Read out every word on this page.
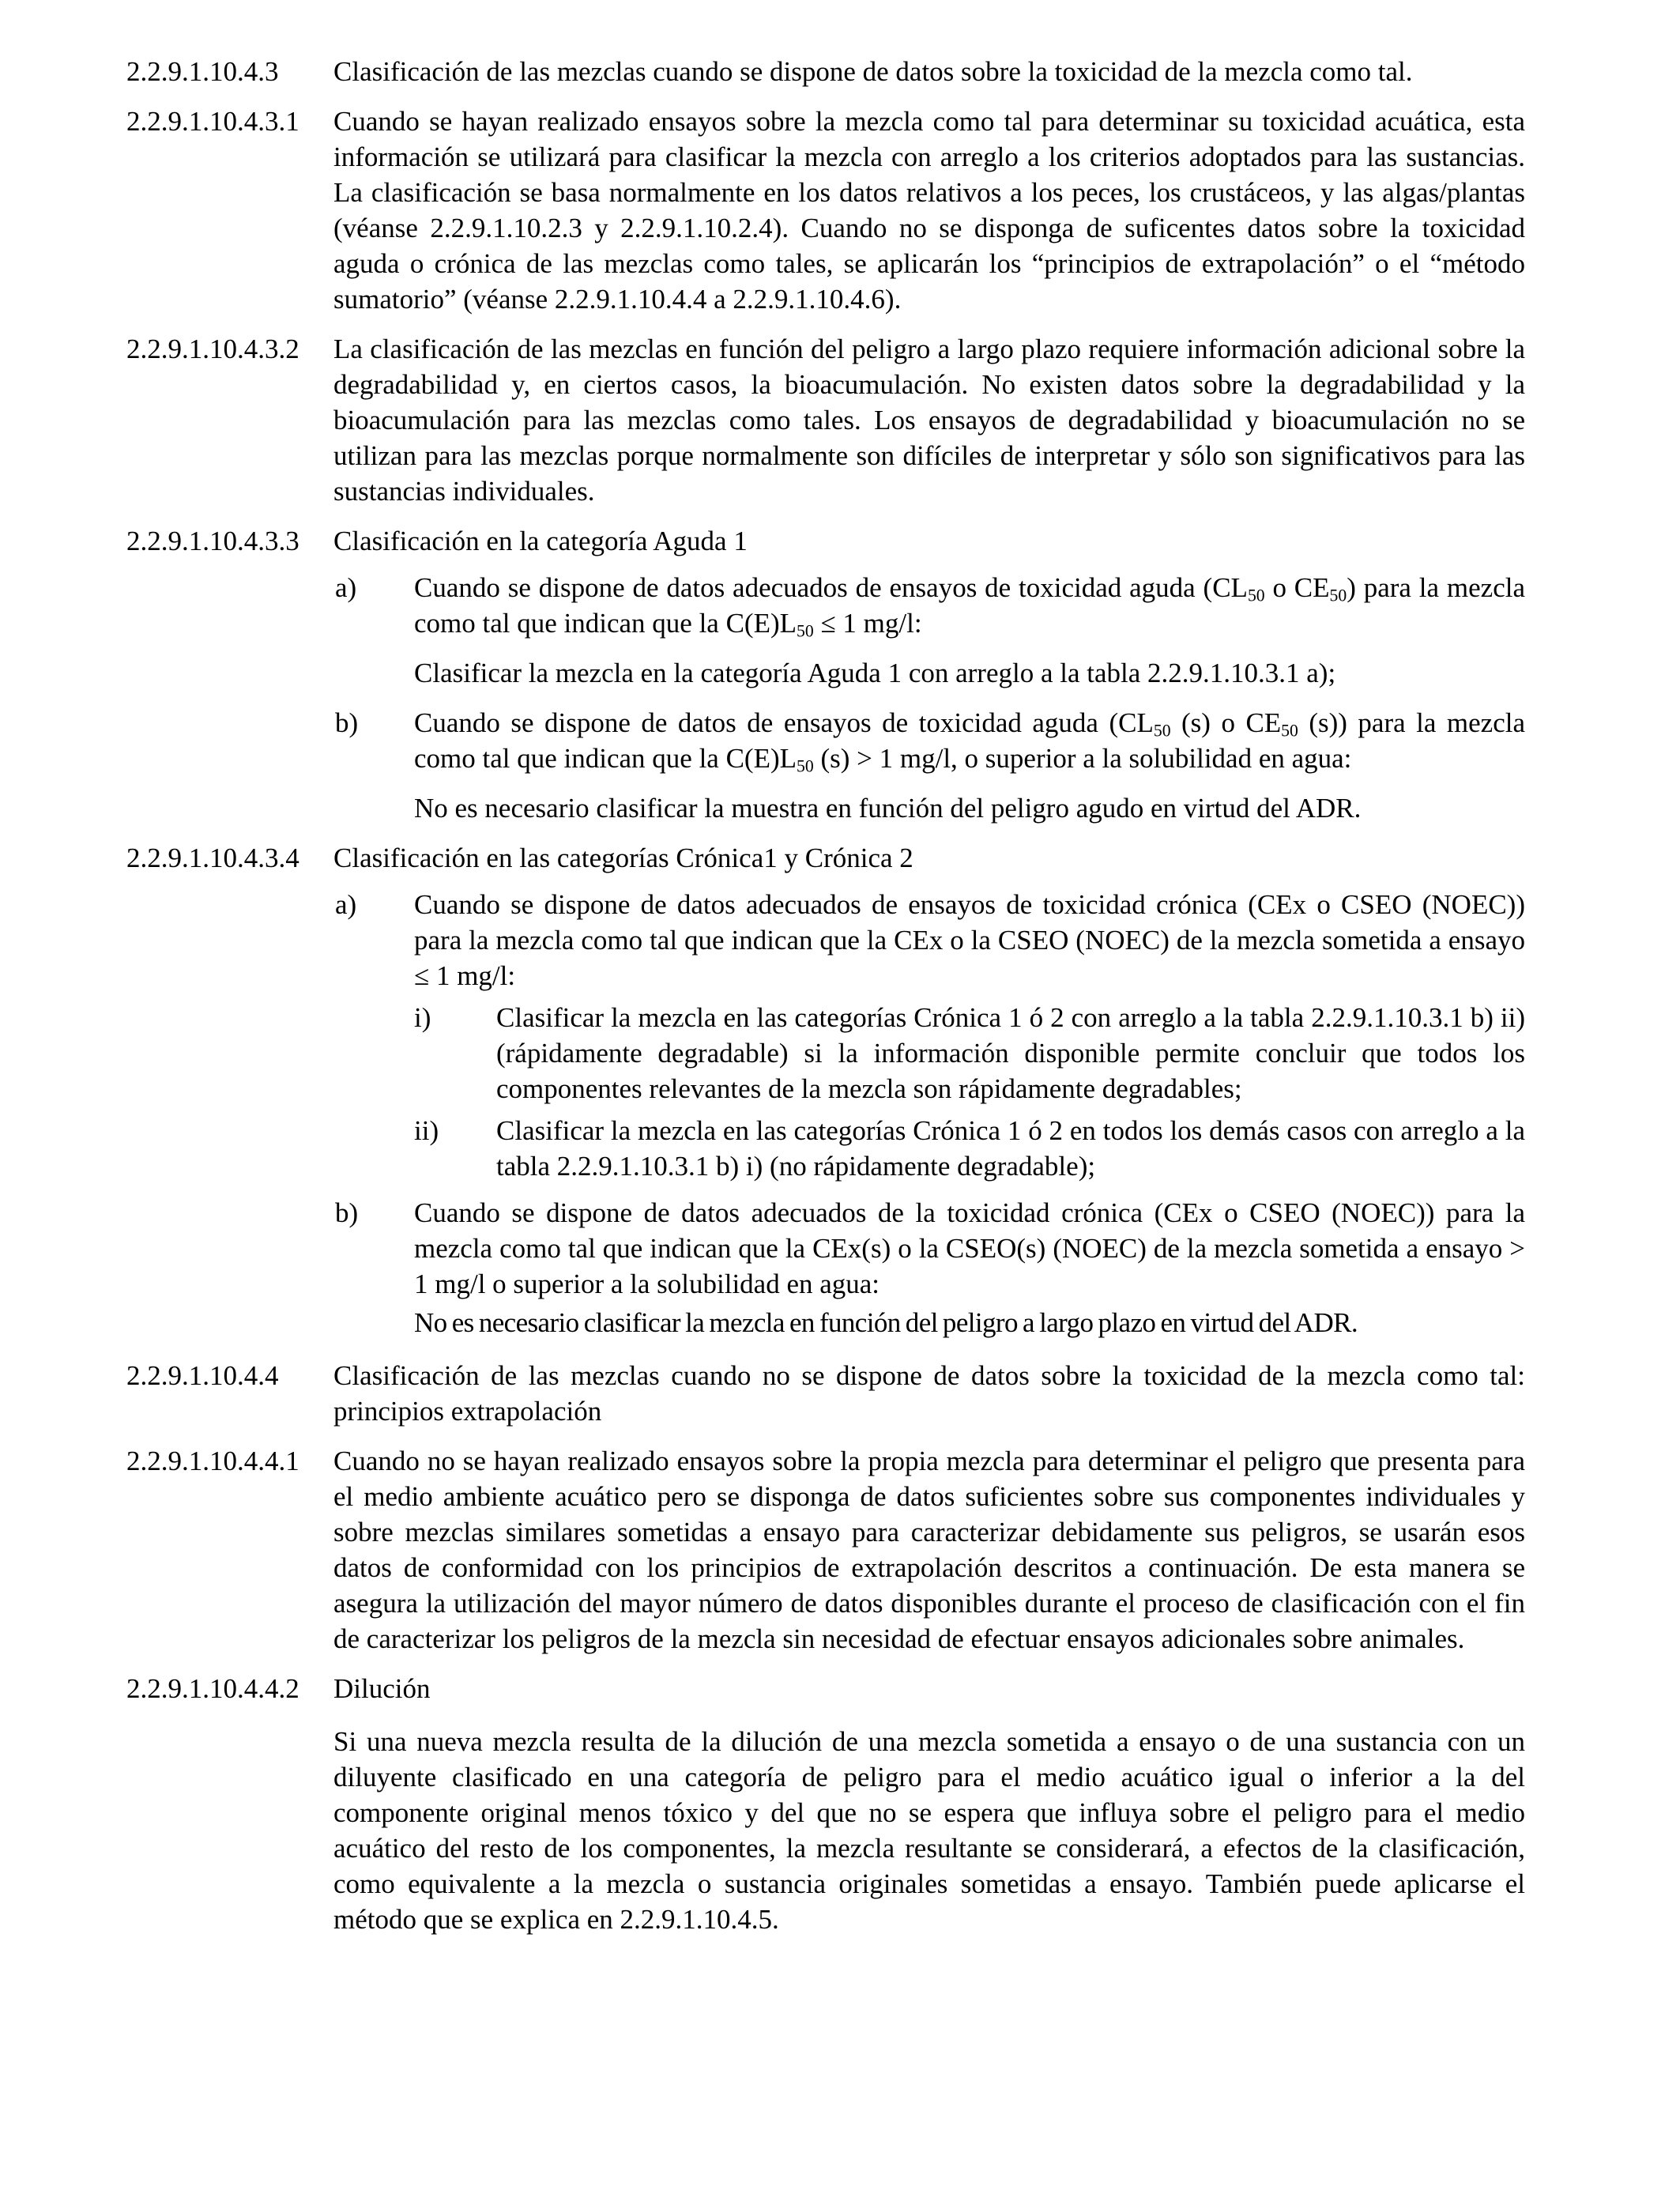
2.2.9.1.10.4.3 Clasificación de las mezclas cuando se dispone de datos sobre la toxicidad de la mezcla como tal.
2.2.9.1.10.4.3.1 Cuando se hayan realizado ensayos sobre la mezcla como tal para determinar su toxicidad acuática, esta información se utilizará para clasificar la mezcla con arreglo a los criterios adoptados para las sustancias. La clasificación se basa normalmente en los datos relativos a los peces, los crustáceos, y las algas/plantas (véanse 2.2.9.1.10.2.3 y 2.2.9.1.10.2.4). Cuando no se disponga de suficentes datos sobre la toxicidad aguda o crónica de las mezclas como tales, se aplicarán los “principios de extrapolación” o el “método sumatorio” (véanse 2.2.9.1.10.4.4 a 2.2.9.1.10.4.6).
2.2.9.1.10.4.3.2 La clasificación de las mezclas en función del peligro a largo plazo requiere información adicional sobre la degradabilidad y, en ciertos casos, la bioacumulación. No existen datos sobre la degradabilidad y la bioacumulación para las mezclas como tales. Los ensayos de degradabilidad y bioacumulación no se utilizan para las mezclas porque normalmente son difíciles de interpretar y sólo son significativos para las sustancias individuales.
2.2.9.1.10.4.3.3 Clasificación en la categoría Aguda 1
a) Cuando se dispone de datos adecuados de ensayos de toxicidad aguda ($CL_{50}$ o $CE_{50}$) para la mezcla como tal que indican que la $C(E)L_{50} \le 1$ mg/l:
Clasificar la mezcla en la categoría Aguda 1 con arreglo a la tabla 2.2.9.1.10.3.1 a);
b) Cuando se dispone de datos de ensayos de toxicidad aguda ($CL_{50}$ (s) o $CE_{50}$ (s)) para la mezcla como tal que indican que la $C(E)L_{50}$ (s) > 1 mg/l, o superior a la solubilidad en agua:
No es necesario clasificar la muestra en función del peligro agudo en virtud del ADR.
2.2.9.1.10.4.3.4 Clasificación en las categorías Crónica1 y Crónica 2
a) Cuando se dispone de datos adecuados de ensayos de toxicidad crónica (CEx o CSEO (NOEC)) para la mezcla como tal que indican que la CEx o la CSEO (NOEC) de la mezcla sometida a ensayo ≤ 1 mg/l:
i) Clasificar la mezcla en las categorías Crónica 1 ó 2 con arreglo a la tabla 2.2.9.1.10.3.1 b) ii) (rápidamente degradable) si la información disponible permite concluir que todos los componentes relevantes de la mezcla son rápidamente degradables;
ii) Clasificar la mezcla en las categorías Crónica 1 ó 2 en todos los demás casos con arreglo a la tabla 2.2.9.1.10.3.1 b) i) (no rápidamente degradable);
b) Cuando se dispone de datos adecuados de la toxicidad crónica (CEx o CSEO (NOEC)) para la mezcla como tal que indican que la CEx(s) o la CSEO(s) (NOEC) de la mezcla sometida a ensayo > 1 mg/l o superior a la solubilidad en agua:
No es necesario clasificar la mezcla en función del peligro a largo plazo en virtud del ADR.
2.2.9.1.10.4.4 Clasificación de las mezclas cuando no se dispone de datos sobre la toxicidad de la mezcla como tal: principios extrapolación
2.2.9.1.10.4.4.1 Cuando no se hayan realizado ensayos sobre la propia mezcla para determinar el peligro que presenta para el medio ambiente acuático pero se disponga de datos suficientes sobre sus componentes individuales y sobre mezclas similares sometidas a ensayo para caracterizar debidamente sus peligros, se usarán esos datos de conformidad con los principios de extrapolación descritos a continuación. De esta manera se asegura la utilización del mayor número de datos disponibles durante el proceso de clasificación con el fin de caracterizar los peligros de la mezcla sin necesidad de efectuar ensayos adicionales sobre animales.
2.2.9.1.10.4.4.2 Dilución
Si una nueva mezcla resulta de la dilución de una mezcla sometida a ensayo o de una sustancia con un diluyente clasificado en una categoría de peligro para el medio acuático igual o inferior a la del componente original menos tóxico y del que no se espera que influya sobre el peligro para el medio acuático del resto de los componentes, la mezcla resultante se considerará, a efectos de la clasificación, como equivalente a la mezcla o sustancia originales sometidas a ensayo. También puede aplicarse el método que se explica en 2.2.9.1.10.4.5.
